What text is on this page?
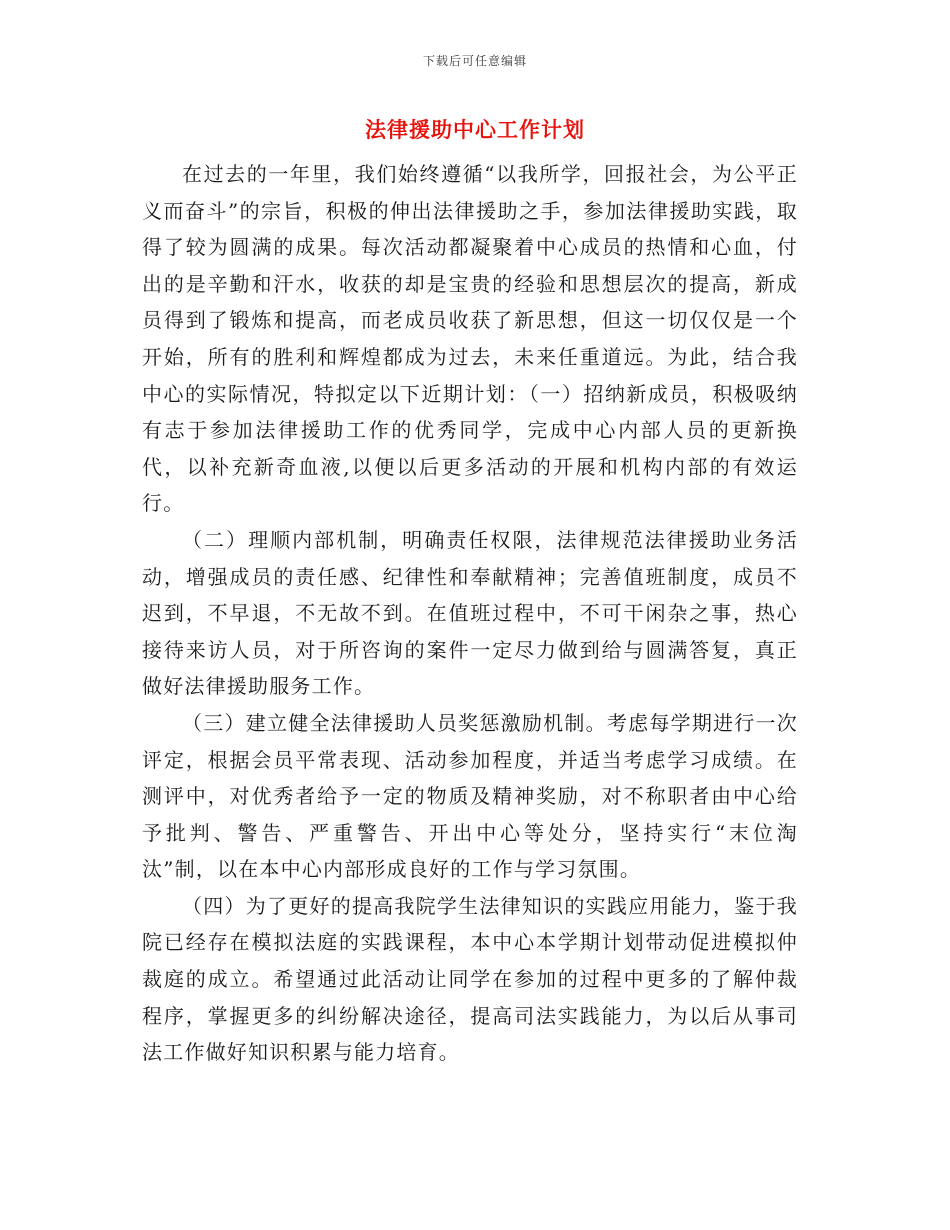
下载后可任意编辑
法律援助中心工作计划

在过去的一年里，我们始终遵循“以我所学，回报社会，为公平正义而奋斗”的宗旨，积极的伸出法律援助之手，参加法律援助实践，取得了较为圆满的成果。每次活动都凝聚着中心成员的热情和心血，付出的是辛勤和汗水，收获的却是宝贵的经验和思想层次的提高，新成员得到了锻炼和提高，而老成员收获了新思想，但这一切仅仅是一个开始，所有的胜利和辉煌都成为过去，未来任重道远。为此，结合我中心的实际情况，特拟定以下近期计划：（一）招纳新成员，积极吸纳有志于参加法律援助工作的优秀同学，完成中心内部人员的更新换代，以补充新奇血液,以便以后更多活动的开展和机构内部的有效运行。

（二）理顺内部机制，明确责任权限，法律规范法律援助业务活动，增强成员的责任感、纪律性和奉献精神；完善值班制度，成员不迟到，不早退，不无故不到。在值班过程中，不可干闲杂之事，热心接待来访人员，对于所咨询的案件一定尽力做到给与圆满答复，真正做好法律援助服务工作。

（三）建立健全法律援助人员奖惩激励机制。考虑每学期进行一次评定，根据会员平常表现、活动参加程度，并适当考虑学习成绩。在测评中，对优秀者给予一定的物质及精神奖励，对不称职者由中心给予批判、警告、严重警告、开出中心等处分，坚持实行“末位淘汰”制，以在本中心内部形成良好的工作与学习氛围。

（四）为了更好的提高我院学生法律知识的实践应用能力，鉴于我院已经存在模拟法庭的实践课程，本中心本学期计划带动促进模拟仲裁庭的成立。希望通过此活动让同学在参加的过程中更多的了解仲裁程序，掌握更多的纠纷解决途径，提高司法实践能力，为以后从事司法工作做好知识积累与能力培育。
